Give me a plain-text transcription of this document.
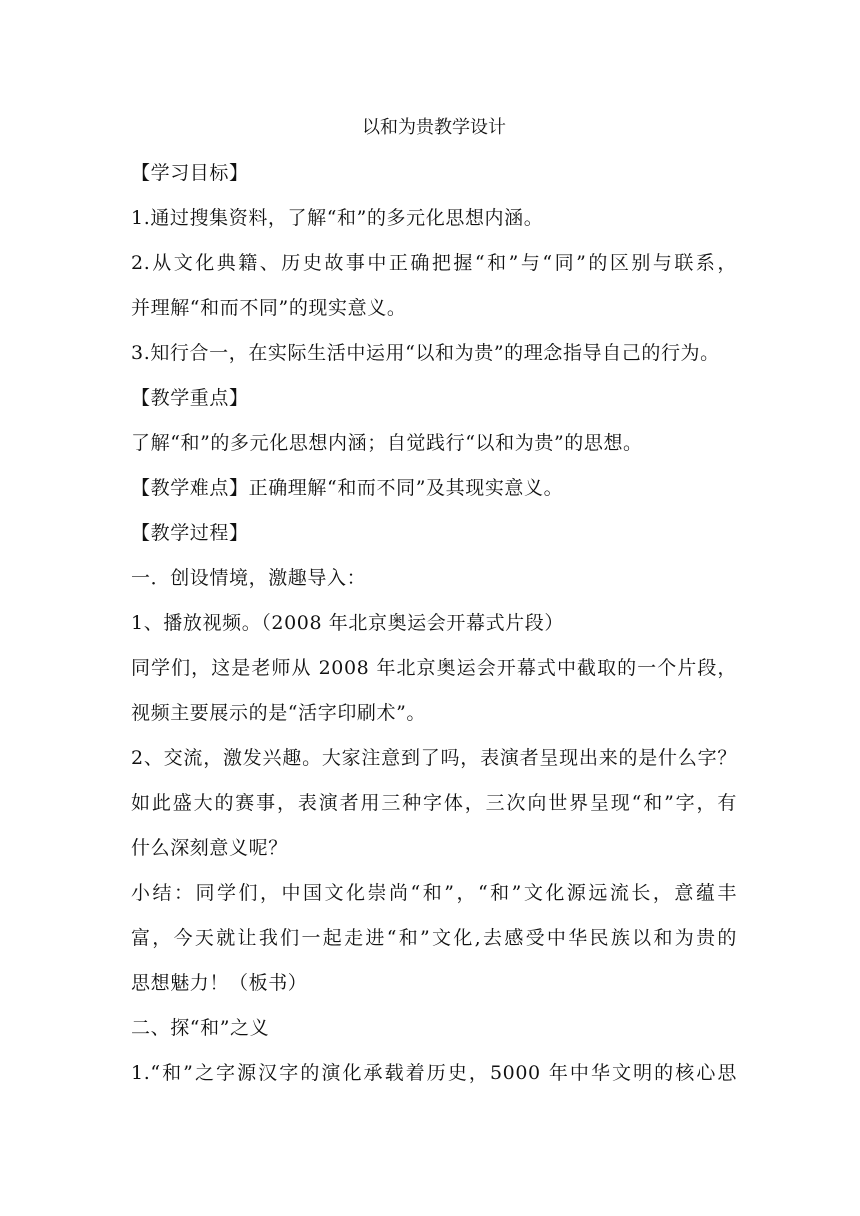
以和为贵教学设计
【学习目标】
1.通过搜集资料，了解“和”的多元化思想内涵。
2.从文化典籍、历史故事中正确把握“和”与“同”的区别与联系，
并理解“和而不同”的现实意义。
3.知行合一，在实际生活中运用“以和为贵”的理念指导自己的行为。
【教学重点】
了解“和”的多元化思想内涵；自觉践行“以和为贵”的思想。
【教学难点】正确理解“和而不同”及其现实意义。
【教学过程】
一．创设情境，激趣导入：
1、播放视频。（2008 年北京奥运会开幕式片段）
同学们，这是老师从 2008 年北京奥运会开幕式中截取的一个片段，
视频主要展示的是“活字印刷术”。
2、交流，激发兴趣。大家注意到了吗，表演者呈现出来的是什么字？
如此盛大的赛事，表演者用三种字体，三次向世界呈现“和”字，有
什么深刻意义呢？
小结：同学们，中国文化崇尚“和”，“和”文化源远流长，意蕴丰
富，今天就让我们一起走进“和”文化,去感受中华民族以和为贵的
思想魅力！（板书）
二、探“和”之义
1.“和”之字源汉字的演化承载着历史，5000 年中华文明的核心思
